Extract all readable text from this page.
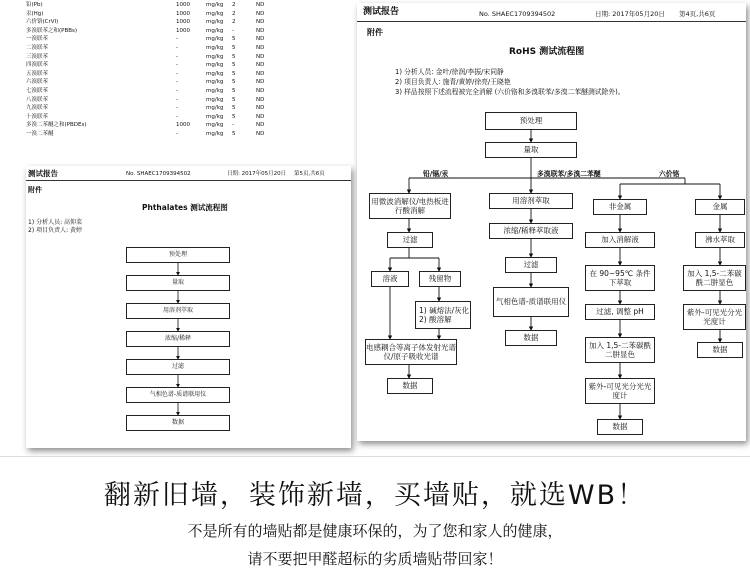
铅(Pb)	1000	mg/kg	2	ND
汞(Hg)	1000	mg/kg	2	ND
六价铬(CrVI)	1000	mg/kg	2	ND
多溴联苯之和(PBBs)	1000	mg/kg	-	ND
一溴联苯	-	mg/kg	5	ND
二溴联苯	-	mg/kg	5	ND
三溴联苯	-	mg/kg	5	ND
四溴联苯	-	mg/kg	5	ND
五溴联苯	-	mg/kg	5	ND
六溴联苯	-	mg/kg	5	ND
七溴联苯	-	mg/kg	5	ND
八溴联苯	-	mg/kg	5	ND
九溴联苯	-	mg/kg	5	ND
十溴联苯	-	mg/kg	5	ND
多溴二苯醚之和(PBDEs)	1000	mg/kg	-	ND
一溴二苯醚	-	mg/kg	5	ND
测试报告	No. SHAEC1709394502	日期: 2017年05月20日 第5页,共6页
附件
Phthalates 测试流程图
1) 分析人员: 高仰菜
2) 项目负责人: 黄婷
预处理
量取
用溶剂萃取
浓缩/稀释
过滤
气相色谱-质谱联用仪
数据
测试报告	No. SHAEC1709394502	日期: 2017年05月20日 第4页,共6页
附件
RoHS 测试流程图
1) 分析人员: 金叶/徐润/李振/宋同静
2) 项目负责人: 施青/黄婷/徐亮/王晓艳
3) 样品按照下述流程被完全消解 (六价铬和多溴联苯/多溴二苯醚测试除外)。
预处理
量取
铅/镉/汞	多溴联苯/多溴二苯醚	六价铬
用微波消解仪/电热板进行酸消解
过滤
溶液	残留物
1) 碱熔法/灰化
2) 酸溶解
电感耦合等离子体发射光谱仪/原子吸收光谱
数据
用溶剂萃取
浓缩/稀释萃取液
过滤
气相色谱-质谱联用仪
数据
非金属
加入消解液
在 90~95℃ 条件下萃取
过滤, 调整 pH
加入 1,5-二苯碳酰二肼显色
紫外-可见光分光光度计
数据
金属
沸水萃取
加入 1,5-二苯碳酰二肼显色
紫外-可见光分光光度计
数据
翻新旧墙，装饰新墙，买墙贴，就选WB！
不是所有的墙贴都是健康环保的，为了您和家人的健康，
请不要把甲醛超标的劣质墙贴带回家！
